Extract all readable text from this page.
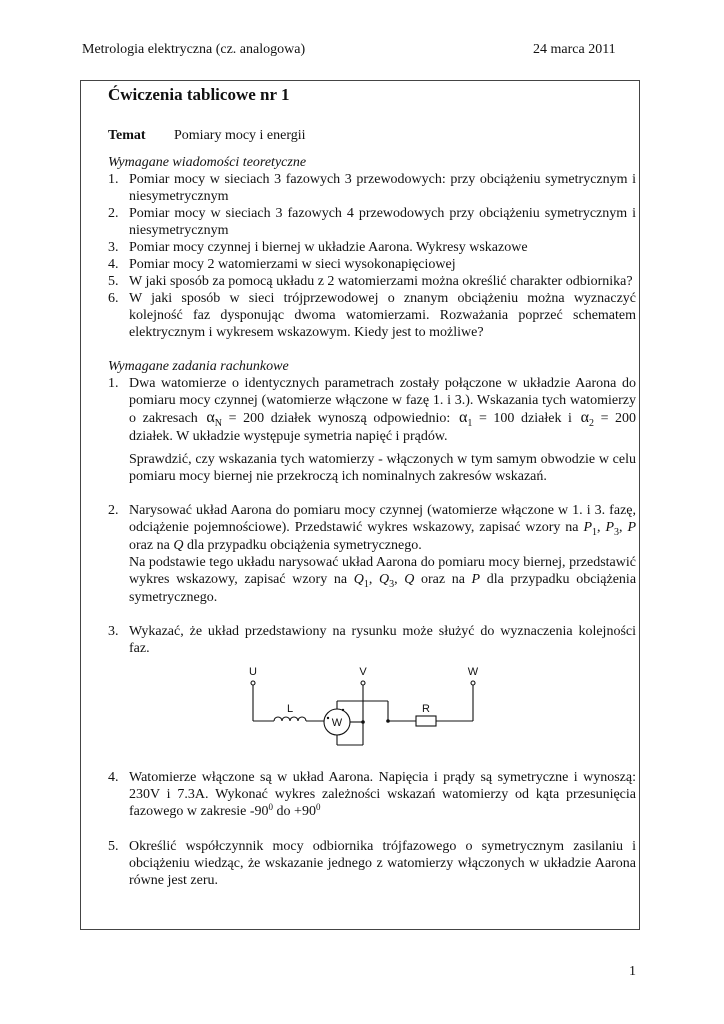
Metrologia elektryczna (cz. analogowa)	24 marca 2011
Ćwiczenia tablicowe nr 1
Temat	Pomiary mocy i energii
Wymagane wiadomości teoretyczne
1. Pomiar mocy w sieciach 3 fazowych 3 przewodowych: przy obciążeniu symetrycznym i niesymetrycznym
2. Pomiar mocy w sieciach 3 fazowych 4 przewodowych przy obciążeniu symetrycznym i niesymetrycznym
3. Pomiar mocy czynnej i biernej w układzie Aarona. Wykresy wskazowe
4. Pomiar mocy 2 watomierzami w sieci wysokonapięciowej
5. W jaki sposób za pomocą układu z 2 watomierzami można określić charakter odbiornika?
6. W jaki sposób w sieci trójprzewodowej o znanym obciążeniu można wyznaczyć kolejność faz dysponując dwoma watomierzami. Rozważania poprzeć schematem elektrycznym i wykresem wskazowym. Kiedy jest to możliwe?
Wymagane zadania rachunkowe
1. Dwa watomierze o identycznych parametrach zostały połączone w układzie Aarona do pomiaru mocy czynnej (watomierze włączone w fazę 1. i 3.). Wskazania tych watomierzy o zakresach $\alpha_N = 200$ działek wynoszą odpowiednio: $\alpha_1 = 100$ działek i $\alpha_2 = 200$ działek. W układzie występuje symetria napięć i prądów.
Sprawdzić, czy wskazania tych watomierzy - włączonych w tym samym obwodzie w celu pomiaru mocy biernej nie przekroczą ich nominalnych zakresów wskazań.
2. Narysować układ Aarona do pomiaru mocy czynnej (watomierze włączone w 1. i 3. fazę, odciążenie pojemnościowe). Przedstawić wykres wskazowy, zapisać wzory na $P_1$, $P_3$, P oraz na Q dla przypadku obciążenia symetrycznego.
Na podstawie tego układu narysować układ Aarona do pomiaru mocy biernej, przedstawić wykres wskazowy, zapisać wzory na $Q_1$, $Q_3$, Q oraz na P dla przypadku obciążenia symetrycznego.
3. Wykazać, że układ przedstawiony na rysunku może służyć do wyznaczenia kolejności faz.
U	V	W
L	R
W
4. Watomierze włączone są w układ Aarona. Napięcia i prądy są symetryczne i wynoszą: 230V i 7.3A. Wykonać wykres zależności wskazań watomierzy od kąta przesunięcia fazowego w zakresie $-90^0$ do $+90^0$
5. Określić współczynnik mocy odbiornika trójfazowego o symetrycznym zasilaniu i obciążeniu wiedząc, że wskazanie jednego z watomierzy włączonych w układzie Aarona równe jest zeru.
1
